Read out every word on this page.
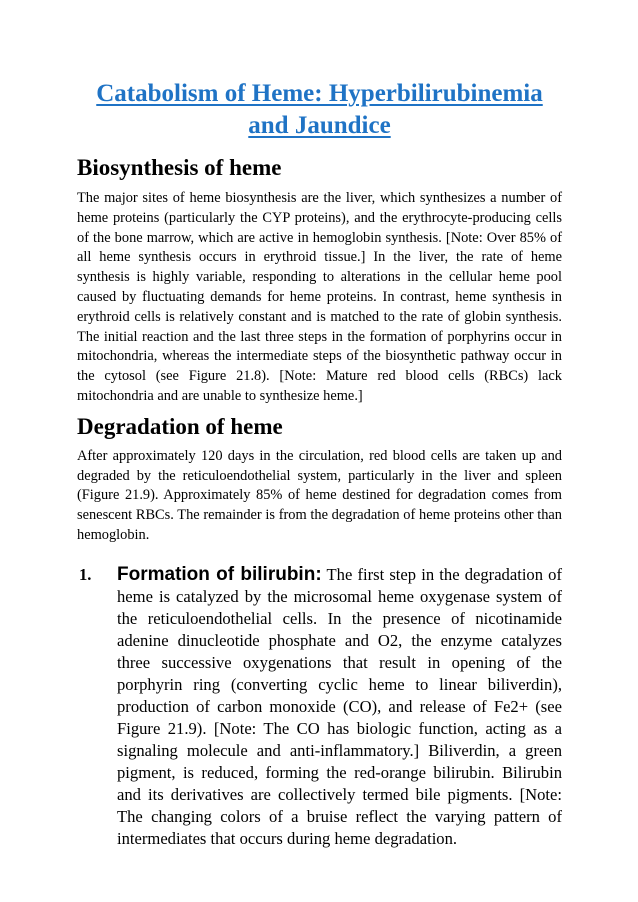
Catabolism of Heme: Hyperbilirubinemia
and Jaundice
Biosynthesis of heme

The major sites of heme biosynthesis are the liver, which synthesizes a number of heme proteins (particularly the CYP proteins), and the erythrocyte-producing cells of the bone marrow, which are active in hemoglobin synthesis. [Note: Over 85% of all heme synthesis occurs in erythroid tissue.] In the liver, the rate of heme synthesis is highly variable, responding to alterations in the cellular heme pool caused by fluctuating demands for heme proteins. In contrast, heme synthesis in erythroid cells is relatively constant and is matched to the rate of globin synthesis. The initial reaction and the last three steps in the formation of porphyrins occur in mitochondria, whereas the intermediate steps of the biosynthetic pathway occur in the cytosol (see Figure 21.8). [Note: Mature red blood cells (RBCs) lack mitochondria and are unable to synthesize heme.]

Degradation of heme

After approximately 120 days in the circulation, red blood cells are taken up and degraded by the reticuloendothelial system, particularly in the liver and spleen (Figure 21.9). Approximately 85% of heme destined for degradation comes from senescent RBCs. The remainder is from the degradation of heme proteins other than hemoglobin.

1. Formation of bilirubin: The first step in the degradation of heme is catalyzed by the microsomal heme oxygenase system of the reticuloendothelial cells. In the presence of nicotinamide adenine dinucleotide phosphate and O2, the enzyme catalyzes three successive oxygenations that result in opening of the porphyrin ring (converting cyclic heme to linear biliverdin), production of carbon monoxide (CO), and release of Fe2+ (see Figure 21.9). [Note: The CO has biologic function, acting as a signaling molecule and anti-inflammatory.] Biliverdin, a green pigment, is reduced, forming the red-orange bilirubin. Bilirubin and its derivatives are collectively termed bile pigments. [Note: The changing colors of a bruise reflect the varying pattern of intermediates that occurs during heme degradation.
